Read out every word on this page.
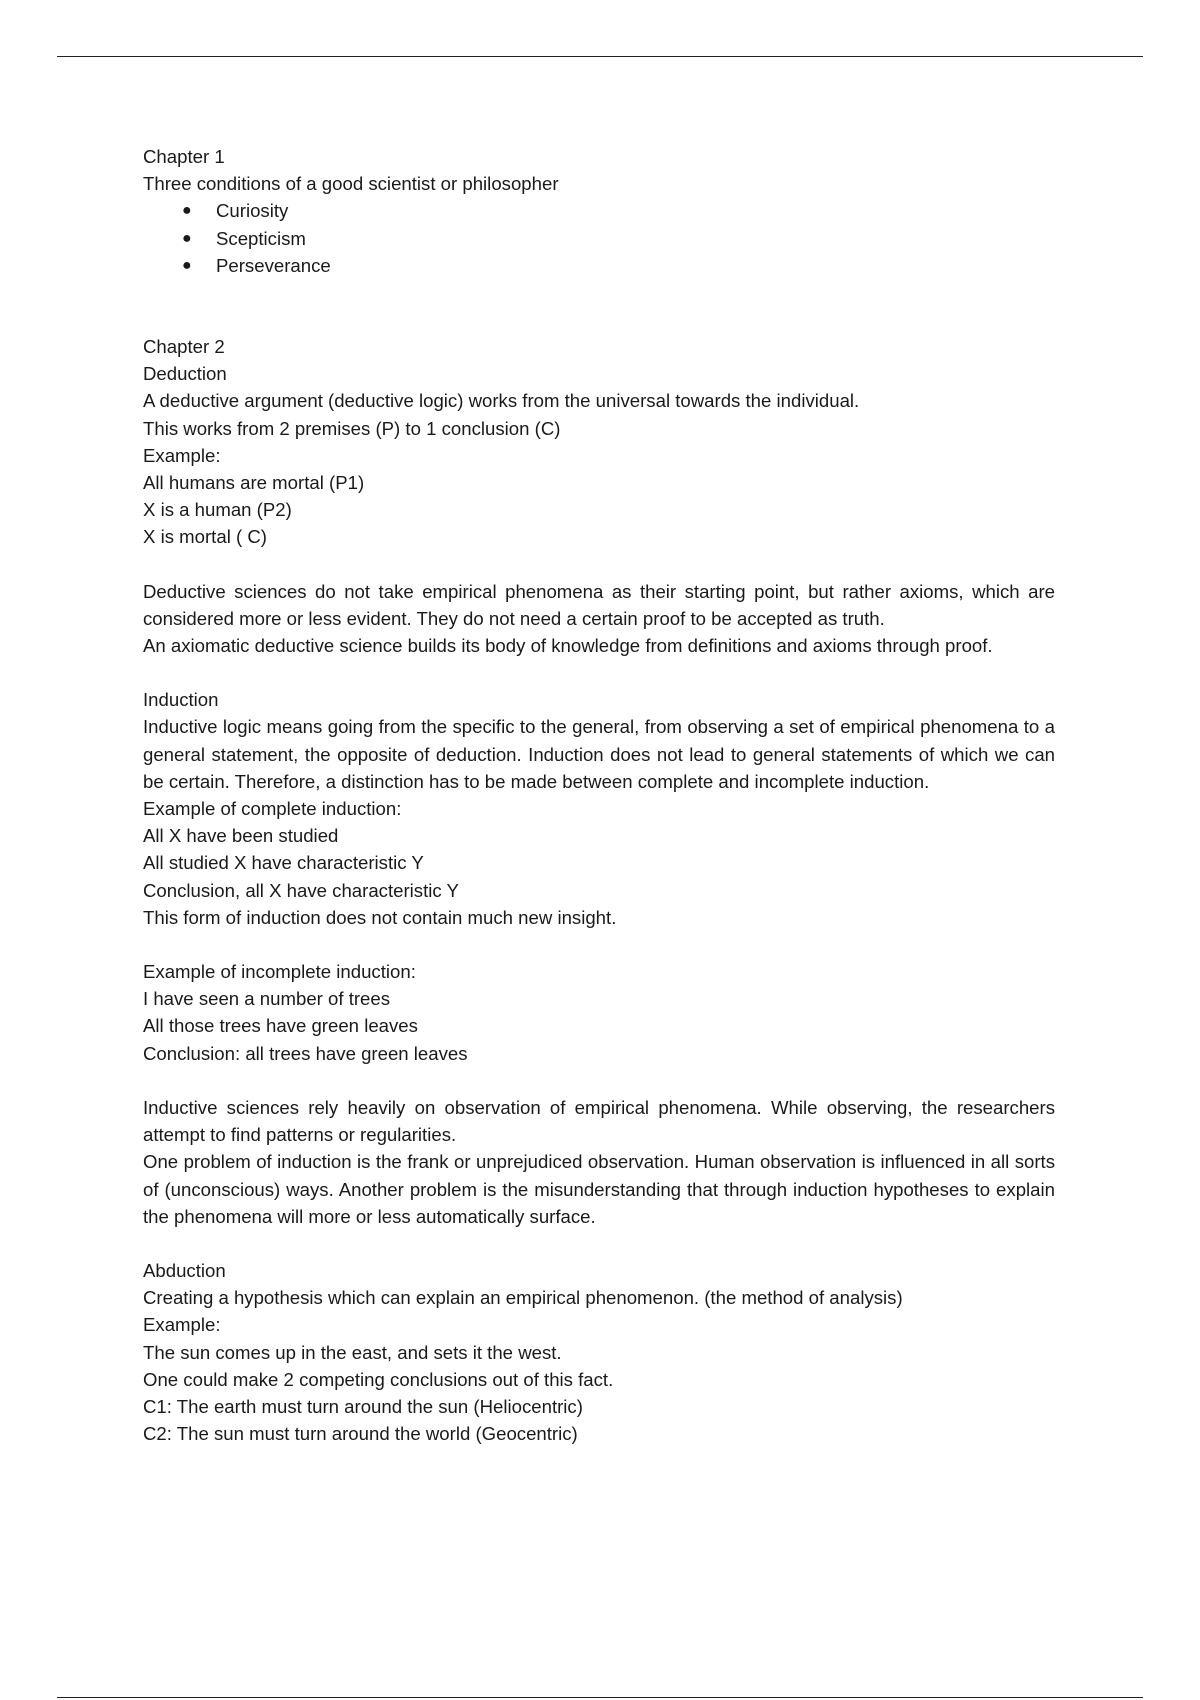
Chapter 1
Three conditions of a good scientist or philosopher
● Curiosity
● Scepticism
● Perseverance
Chapter 2
Deduction
A deductive argument (deductive logic) works from the universal towards the individual.
This works from 2 premises (P) to 1 conclusion (C)
Example:
All humans are mortal (P1)
X is a human (P2)
X is mortal ( C)
Deductive sciences do not take empirical phenomena as their starting point, but rather axioms, which are considered more or less evident. They do not need a certain proof to be accepted as truth.
An axiomatic deductive science builds its body of knowledge from definitions and axioms through proof.
Induction
Inductive logic means going from the specific to the general, from observing a set of empirical phenomena to a general statement, the opposite of deduction. Induction does not lead to general statements of which we can be certain. Therefore, a distinction has to be made between complete and incomplete induction.
Example of complete induction:
All X have been studied
All studied X have characteristic Y
Conclusion, all X have characteristic Y
This form of induction does not contain much new insight.
Example of incomplete induction:
I have seen a number of trees
All those trees have green leaves
Conclusion: all trees have green leaves
Inductive sciences rely heavily on observation of empirical phenomena. While observing, the researchers attempt to find patterns or regularities.
One problem of induction is the frank or unprejudiced observation. Human observation is influenced in all sorts of (unconscious) ways. Another problem is the misunderstanding that through induction hypotheses to explain the phenomena will more or less automatically surface.
Abduction
Creating a hypothesis which can explain an empirical phenomenon. (the method of analysis)
Example:
The sun comes up in the east, and sets it the west.
One could make 2 competing conclusions out of this fact.
C1: The earth must turn around the sun (Heliocentric)
C2: The sun must turn around the world (Geocentric)
